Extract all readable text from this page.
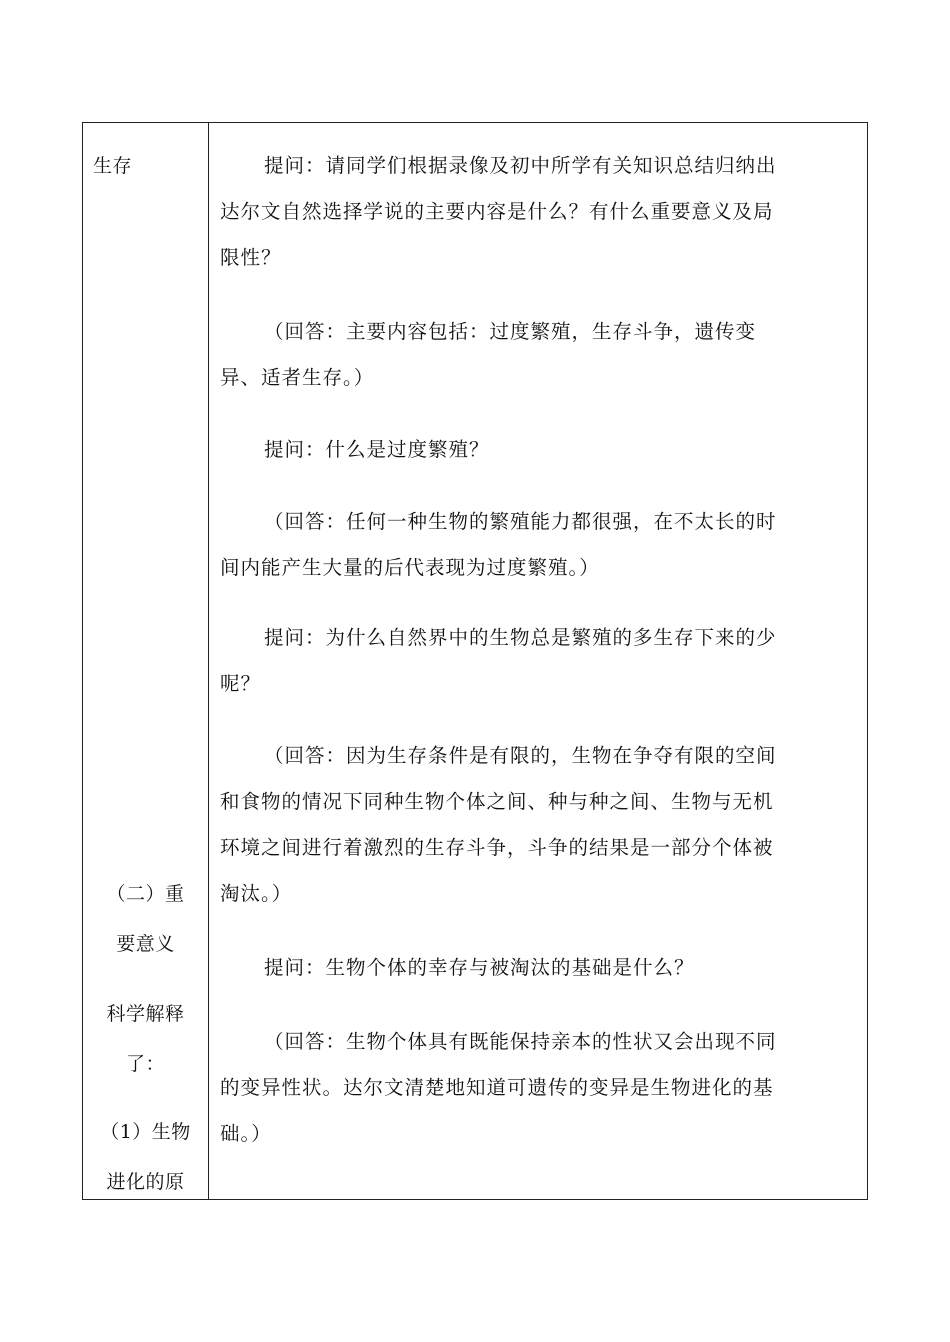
生存
（二）重
要意义
科学解释
了：
（1）生物
进化的原
提问：请同学们根据录像及初中所学有关知识总结归纳出
达尔文自然选择学说的主要内容是什么？有什么重要意义及局
限性？
（回答：主要内容包括：过度繁殖，生存斗争，遗传变
异、适者生存。）
提问：什么是过度繁殖？
（回答：任何一种生物的繁殖能力都很强，在不太长的时
间内能产生大量的后代表现为过度繁殖。）
提问：为什么自然界中的生物总是繁殖的多生存下来的少
呢？
（回答：因为生存条件是有限的，生物在争夺有限的空间
和食物的情况下同种生物个体之间、种与种之间、生物与无机
环境之间进行着激烈的生存斗争，斗争的结果是一部分个体被
淘汰。）
提问：生物个体的幸存与被淘汰的基础是什么？
（回答：生物个体具有既能保持亲本的性状又会出现不同
的变异性状。达尔文清楚地知道可遗传的变异是生物进化的基
础。）
